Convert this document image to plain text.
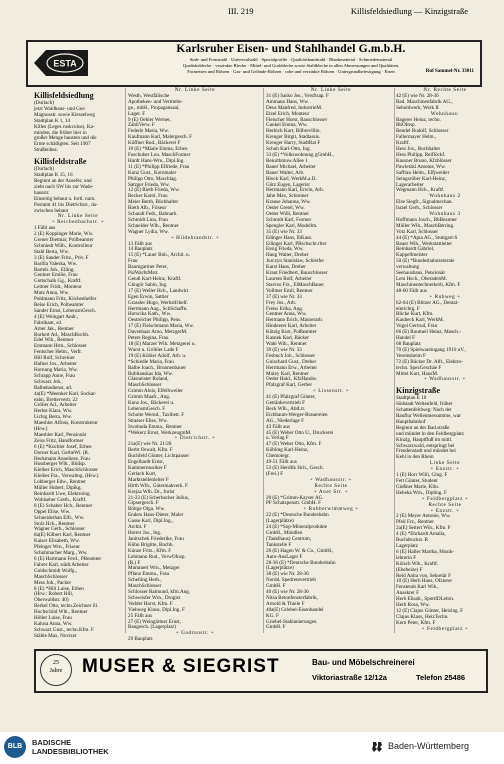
III. 219	Killisfeldsiedlung — Kinzigstraße
ESTA
Karlsruher Eisen- und Stahlhandel G.m.b.H.
Stab- und Formstahl · Universalstahl · Spezialprofile · Qualitätsbandstahl · Blankmaterial · Schmiedematerial
Qualitätsbleche · verzinkte Bleche · Mittel- und Grobbleche sowie Stahlbleche in allen Abmessungen und Qualitäten,
Formeisen und Röhren · Gas- und Gelände-Röhren · rohe und verzinkte Röhren · Untergrundbefestigung · Eisen	Ruf Sammel-Nr. 33011
Killisfeldsiedlung
(Durlach)
jetzt Waldhaus- und Gut-
Magnusstr. sowie Kiesselweg
Stadtplan K 1, 14
Killes (Leges ruskculus), Ka-
minden, die früher hier in
großer Menge hausten und die
Ernte schädigten. Seit 1907
Straßenbez.
Killisfeldstraße
(Durlach)
Stadtplan K 15, 16
Beginnt an der Ausefer, und
zieht nach SW bis zur Wade-
hausstr.
Einseitig bebaut u. fortl. num.
Postamt 41 bis Dietrichstr., da-
zwischen bebaut
Nr. Linke Seite
+ Reichenbachstr. +
1 Fällt aus
2 (E) Koppinger Marie, Ww.
Grener Dietmar, Pollbeamter
Schmiedt Wilh., Kontrolleur
Stahl Berta, Ww.
3 (E) Sander Fritz., Priv. F
Barilla Valeska, Ww.
Bartels Joh., Elling.
Gentner Emilie, Frau
Gottschalk Gg., Kraftf.
Leitner Fridr., Monteur
Mutz Anna, Ww.
Pohlmann Fritz, Küchenhelfer
Reise Erich, Polbeamter
Sander Ernst, LebensmGesch.
4 (E) Weingart Andr.,
Fabrikant, sd.
Arnet Jak., Rentner
Burkert Ad., MaschBuchh.
Edel Wih., Rentner
Emmann Hrm., Schlosser
Fentscher Helm., Verfr.
Hill Rolf, Schreiner
Hafner Jos., Arbeiter
Hornung Maria, Ww.
Schrapp Anne, Frau
Schwarz Joh.,
Balbehndienst, ad.
4a(E) *Meenker Karl, Sockar-
eabn, Brettervertr. 22
Gröber Ad., Arbeiter
Herbst Klara, Ww.
Lichig Berta, Ww.
Maeshler Alfons, Konstrukteur
(Hrw.)
Maeshler Karl, Pensionär
Zeiss Fritz, Handformer
6 (E) *Kuchler Josef, Erben
Dorner Karl, GerbeWi. (R.
Heckmann Anneliese, Frau
Hossberger Wlh., Bildsp.
Kleiber Erich, MaschSchlosser
Kleiber Fra., Verwaltng. (Hrw.)
Lohberger Edw., Rentner
Müller Hubert, Diplkg.
Reinhardt Uwe, Elektroing.
Wohlseber Gotth., Kraftf.
8 (E) Schaber Hch., Rentner
Oppel Elise, Ww.
Schneiderhan Elfr., Ww.
Stolz Hch., Rentner
Wagner Gerh., Schlosser
8a(E) Kilbert Karl, Rentner
Kaiser Elisabeth, Ww.
Pfeinger Wrn., Friseur
Schuhmacher Marg., Ww.
6 (E) Hartmann Ferd., PBeamter
Fahrer Karl, städt.Arbeiter
Goldschmidt Wolfg.,
MaschSchlosser
Mess Joh., Packer
8 (E) *Hill Luise, Erben
(Hrw.: Robert Hill,
Oberwaldstr. 40)
Berkel Otto, techn.Zeichner ill.
Hochschild Wlh., Rentner
Höller Luise, Frau
Kalusa Anna, Ww.
Schwarz Gust., techn.Kfm. F
Stähle Max, Novizer
Nr. Linke Seite
Westh, Westfälische
Apotheken- und Vertriebs-
ge., mbH., Propagansaal,
Lager. F
9 (E) Oehler Werner,
ZahltVerw. F
Federle Maria, Ww.
Kaufmann Karl, Malergesch. F
Küffner Rud., Bäckerei F
10 (E) *Mäule Emma, Erben
Fuschuber Lou. MaschFormer
Hardt Hans-Wrn., Dipl.Ing.
11 (E) *Philipp Elfriede, Frau
Kunz Gust., Kornmaler
Philipp Otto, Maschlag.
Satzger Frieda, Ww.
12 (E) Rieth Frieda, Ww.
Becker Karol, Frau
Meier Berth, Büchhalter
Rieth Alb., Friseur
Schaudt Fedr., Bahnarb.
Schmidt Lina, Frau
Schneider Wlh., Rentner
Wagner Lydia, Ww.
+ Hildebrandstr. +
13 Fällt aus
14 Bauplatz
15 (E) *Lauer Bnh., Archit. u.
Frau
Baumgartner Peter,
PolWachtMstr.
Gendl Karl-Heinz, Kraftf.
Güngör Sabin, Ing.
17 (E) Weller Hch., Landwirt
Egen Erwin, Sattler
Grassler Hugo, Werkstfchelf.
Herrmann Aug., SchSchaffn.
Horscika Kath., Ww.
Oestreicher Philipp, Pens.
17 (E) Fleischmann Maria, Ww.
Davenhaar Arno, MetzgerM.
Peters Regina, Frau
18 (E) Marzer Wlh. Metzgerei u.
Wurst u. Gröbler Lade F
19 (E) Kühler Adolf, Arb. u.
*Schiedle Maria, Frau
Balbe Joach., Brunnenbauer
Bublianskas Ida, Ww.
Glasneister Roland,
MaschSchlosser
Grimm Alois, Elfelhweiler
Grimm Maafr., Ang.
Kunz Jos., Bäckerei u.
LebensmGesch. F
Schulte Wernd., Taxibetr. F
Strasser Elise, Ww.
Swoboda Emma., Rentner
*Wekerz Ernst, WerkzeugmM.
+ Dietrichstr. +
21a(E) wie Nr. 21/28
Berbt Oswalt, Kfm. F
Buchfeld Günter, Lichtpauser
Engelhardt Ernst,
Kammermusiker F
Gerlach Kurt,
Marktstellenleiter F
Hirth Wlh., Gütermakverk. F
Krejza Wlh. Dr., Jurist
21-23 (E) Scherbacher Julius,
Gipsergesch. F
Böttge Olga, Ww.
Enders Hans-Dieter, Maler
Gasse Karl, Dipl.Ing.,
Archit. F
Horter Jos., Ing.
Janitschek Friederike, Frau
Kühn Brigitte, Buchh.
Künze Fritz., Kfm. F
Lehmann Rud., VerwOInsp.
(R.) F
Mummert Wrn., Metzger
Pflanz Emma., Frau
Schelling Herb.,
MaschSchlosser
Schlosser Raimund, kfm.Ang.
Schweisfer Wrn., Drogist
Vedder Horst, Kfm. F
Viehweg Klaus, Dipl.Ing. F
25 Fällt aus
27 (E) Weingärtner Ernst,
Baugesch. (Lagerplatz)
+ Gudrunstr. +
29 Bauplatz
Nr. Linke Seite
31 (E) Sasko Jos., Versfisap. F
Ammann Hans, Ww.
Deus Manfred, IndustrieM.
Etzel Erich, Monteur
Fleischer Horst, Bauschlosser
Gaukel Emma, Ww.
Herbich Kurt, Bilbrevlllm.
Kreuger Birgit, Stadtassis.
Kreuger Harry, StadtRat F
Schuh Karl-Otto, Ing.
33 (E) *Volkswohnung gGmbH.,
Beiurthmuw.Allee 1
Bauer Michael, Arbeiter
Bauer Walter, Arb.
Block Karl, WerkM.a.D.
Götz Eugen, Lagerist
Herrmann Karl, Erwin, Arb.
Jahn Max, Schreiner
Krause Johanna, Ww.
Oeder Gretel, Ww.
Oeder Willi, Rentner
Schmidt Karl, Former
Spengler Karl, Modellm.
35 (E) wie Nr. 33
Edinger Hans, IbKaut.
Edinger Karl, PRschschr.rlter
Essig Frieda, Ww.
Haug Walter, Dreher
Jurczyn Stanislaw, Schleifer
Karst Hans, Dreher
Kraut Friedbert, Bauschlosser
Laurent Rolf, Arbeiter
Stavrus Frz., ElMaschBauer
Vollmer Emil, Rentner
37 (E) wie Nr. 33
Frey Jos., Arb.
Freiss Erika, Ang.
Gentner Anna, Ww.
Hermann Erich, Maurerarb.
Hindeerer Karl, Arbeiter
Kötzig Kurt, Polßeamter
Kasnek Karl, Bäcker
Wahl Wih., Rentner
39 (E) wie Nr. 33
Fesbuch Joh., Schlosser
Guischard Gust., Dreher
Herrmann Erw., Arbeiter
Muley Karl, Rentner
Oeder Hald., KfzHandw.
Pfalzgraf Karl, Gerber
+ Lissenstr. +
41 (E) Pfalzgraf Günter,
Getränkevertrieb F
Beck Wlh., AbtLtr.
Eichbaum-Werger-Brauereien
AG., Niederlage F
43 Fällt aus
45 (E) Weber Otto U., Druckerei
u. Verlag F
47 (E) Weber Otto, Kfm. F
Köhling Karl-Heinz,
Chemotegr.
49-51 Fällt aus
53 (E) Herdlik Hch., Gesch.
(Frei.) F
+ Wadhausstr. +
Rechte Seite
+ Auer Str. +
20 (E) *Grimm-Kayser AG.
PF Schalzpenstr. GmbH. F
+ Rubberwimmweg +
22 (E) *Deutsche Bundesbahn
(Lagerplätze)
24 (E) *Sop-Mineralprodukte
GmbH., Mündlen
(Tanklhaus) Centrum,
Tankstelle F
26 (E) Hagen W. & Co., GmbH.,
Auto-AusLager F
28-36 (E) *Deutsche Bundesbahn
(Lagerplätze)
38 (E) wie Nr. 28-36
Nordd. Spedrentvertrieb
GmbH. F
40 (E) wie Nr. 28-36
Nitsa Betonfensterfabrik,
Arnold & Thiele F
40a(E) Griebel-Eisenhandel
KG. F
Griebel-Stahlanierungen
GmbH. F
Nr. Rechte Seite
42 (E) wie Nr. 28-36
Bad. Maschinenfabrik AG.,
Seboldwerk, Werk II
Wohnhaus:
Bagerer Heinz, techn.
BbOInsp.
Bendel Rudolf, Schlosser
Fallermayer Helm.,
Kraftf.
Hess Jos., Buchhalter
Hess Philipp, Reiflöckf.
Kassner Bruno, Kfzblösser
Pawletzki Antonie, Ww.
Saffran Helm., Elfjweider
Seingsrüber Karl-Heinz,
Lagerarbeiter
Wegmann Hch., Kraftf.
Wohnhaus 2
Else Siegfr., Signalmechan.
Israel Gerh., Schlosser
Wohnhaus 3
Hoffmann Josch., BbBeamter
Müller Wlh., MaschBetring.
Votz Karl, Schlosser
44 (E) *Apia AG., Stuttgart-S
Bauer Wih., Werkstattleiter
Reinhardt Gabriel,
Kappellmeister
50 (E) *Bundesbahnzentrale
verwaltung
Seehaushaus, Pensionär
Leni Hsch., OberadenM.
Maschinentechnerkerb, Kfm. F
48-60 Fällt aus
+ Ruhweg +
62-64 (E) Blitzer AG., Dental-
einrichtg. F
Blicke Kurt, Kfm.
Kaubeck Karl, WerkM.
Vogel Gertrud, Frau
66 (E) Roumeil Heinz, Masch.-
Handel F
68 Bauplatz
70 (E) Spielwareingang 1910 uV.,
Vereinsheim F
72 (E) Bücker Dr. Alfr., Elektro-
techn. SpezGeschäe F
Mittel Kurt, HausM.
+ Wadhausstr. +
Kinzigstraße
Stadtplan E 10
Südstadt Weltenfeld, früher
Schattenfeldweg: Nach der
Bauflur Wellenmessumme, war
Hauptbahnhof
Beginnt an der Bad.straße
und mündet in den Feldbergplatz
Kinzig, Hauptfluß im mittl.
Schwarzwald, entspringt bei
Freudenstadt und mündet bei
Kehl in den Rhein
Linke Seite
+ Enzstr. +
1 (E) Horr Willi, Glug. F
Fett Günter, Student
Gießner Marie, Klin.
Hebeka Wrn., Dipling. F
+ Feldbergplatz +
Rechte Seite
+ Enzstr. +
2 (E) Meyer Antonie, Ww.
Pfeil Frz., Rentner
2a(E) Seitert Wih., Kfm. F
4 (E) *Ehrhardt Amalia,
Buchdruckst. R
Lagerplatz
6 (E) Haller Martha, Musik-
lehrerin F
Kölsch Wih., Kraftf.
(Ehebeize) F
Reid Anita von, Sekretär F
10 (E) Herb Hans, Ofzierer
Fensterab Karl Wih.,
Anaskrer F
Herb Elisab., SportlDLehrn.
Herb Rosa, Ww.
12 (E) Clajus Günter, Heizing. F
Clajus Klaus, HeizTechn.
Kern Peter, Kfm. F
+ Feldbergplatz +
25
Jahre	MUSER & SIEGRIST	Bau- und Möbelschreinerei
Viktoriastraße 12/12a	Telefon 25486
BLB	BADISCHE
LANDESBIBLIOTHEK
Baden-Württemberg
